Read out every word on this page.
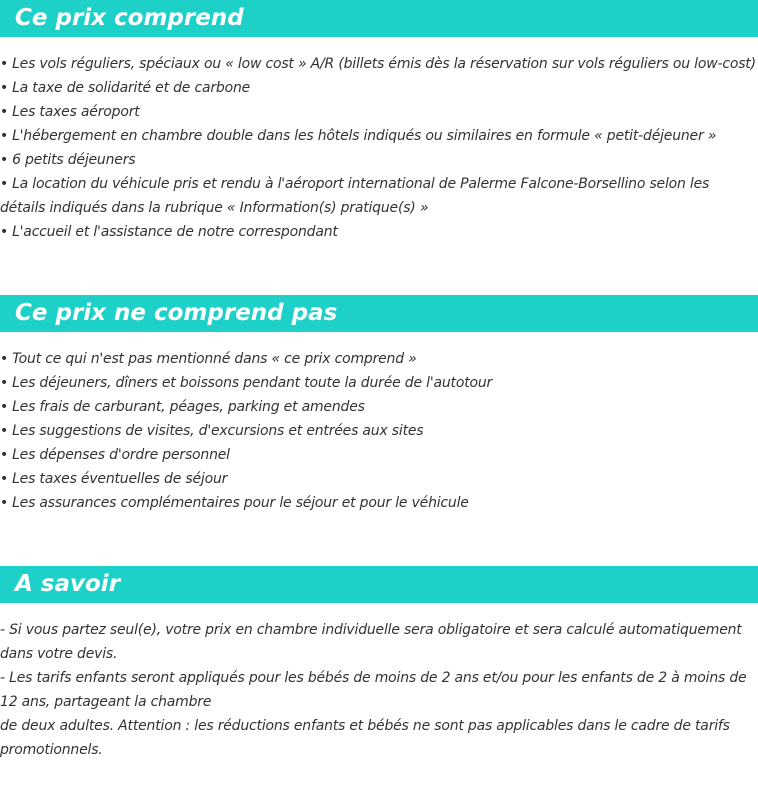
Ce prix comprend
• Les vols réguliers, spéciaux ou « low cost » A/R (billets émis dès la réservation sur vols réguliers ou low-cost)
• La taxe de solidarité et de carbone
• Les taxes aéroport
• L'hébergement en chambre double dans les hôtels indiqués ou similaires en formule « petit-déjeuner »
• 6 petits déjeuners
• La location du véhicule pris et rendu à l'aéroport international de Palerme Falcone-Borsellino selon les détails indiqués dans la rubrique « Information(s) pratique(s) »
• L'accueil et l'assistance de notre correspondant
Ce prix ne comprend pas
• Tout ce qui n'est pas mentionné dans « ce prix comprend »
• Les déjeuners, dîners et boissons pendant toute la durée de l'autotour
• Les frais de carburant, péages, parking et amendes
• Les suggestions de visites, d'excursions et entrées aux sites
• Les dépenses d'ordre personnel
• Les taxes éventuelles de séjour
• Les assurances complémentaires pour le séjour et pour le véhicule
A savoir
- Si vous partez seul(e), votre prix en chambre individuelle sera obligatoire et sera calculé automatiquement dans votre devis.
- Les tarifs enfants seront appliqués pour les bébés de moins de 2 ans et/ou pour les enfants de 2 à moins de 12 ans, partageant la chambre
de deux adultes. Attention : les réductions enfants et bébés ne sont pas applicables dans le cadre de tarifs promotionnels.
